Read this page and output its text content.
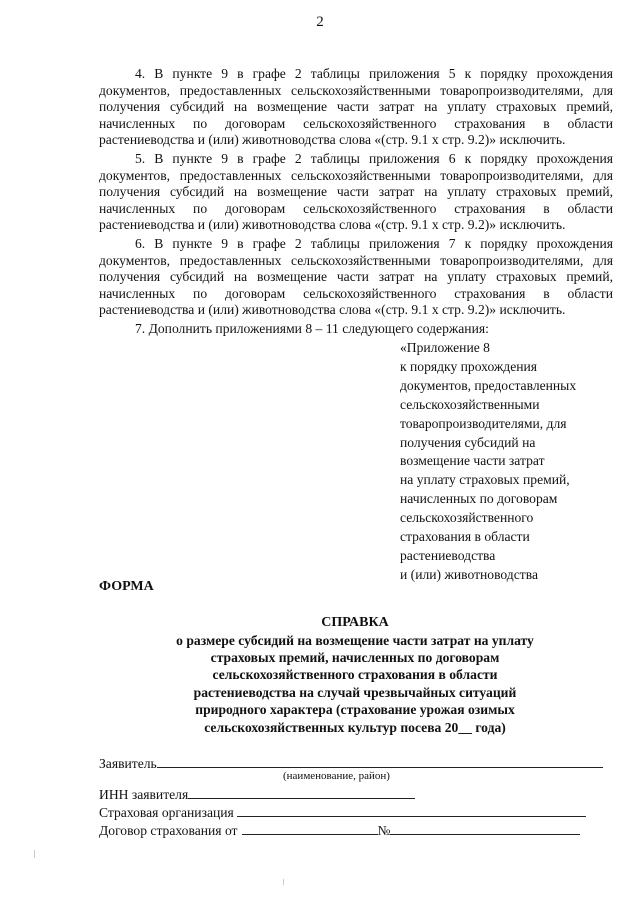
2

4. В пункте 9 в графе 2 таблицы приложения 5 к порядку прохождения документов, предоставленных сельскохозяйственными товаропроизводителями, для получения субсидий на возмещение части затрат на уплату страховых премий, начисленных по договорам сельскохозяйственного страхования в области растениеводства и (или) животноводства слова «(стр. 9.1 х стр. 9.2)» исключить.

5. В пункте 9 в графе 2 таблицы приложения 6 к порядку прохождения документов, предоставленных сельскохозяйственными товаропроизводителями, для получения субсидий на возмещение части затрат на уплату страховых премий, начисленных по договорам сельскохозяйственного страхования в области растениеводства и (или) животноводства слова «(стр. 9.1 х стр. 9.2)» исключить.

6. В пункте 9 в графе 2 таблицы приложения 7 к порядку прохождения документов, предоставленных сельскохозяйственными товаропроизводителями, для получения субсидий на возмещение части затрат на уплату страховых премий, начисленных по договорам сельскохозяйственного страхования в области растениеводства и (или) животноводства слова «(стр. 9.1 х стр. 9.2)» исключить.

7. Дополнить приложениями 8 – 11 следующего содержания:

«Приложение 8
к порядку прохождения
документов, предоставленных
сельскохозяйственными
товаропроизводителями, для
получения субсидий на
возмещение части затрат
на уплату страховых премий,
начисленных по договорам
сельскохозяйственного
страхования в области
растениеводства
и (или) животноводства
ФОРМА
СПРАВКА
о размере субсидий на возмещение части затрат на уплату
страховых премий, начисленных по договорам
сельскохозяйственного страхования в области
растениеводства на случай чрезвычайных ситуаций
природного характера (страхование урожая озимых
сельскохозяйственных культур посева 20__ года)
Заявитель
(наименование, район)
ИНН заявителя
Страховая организация
Договор страхования от	№
